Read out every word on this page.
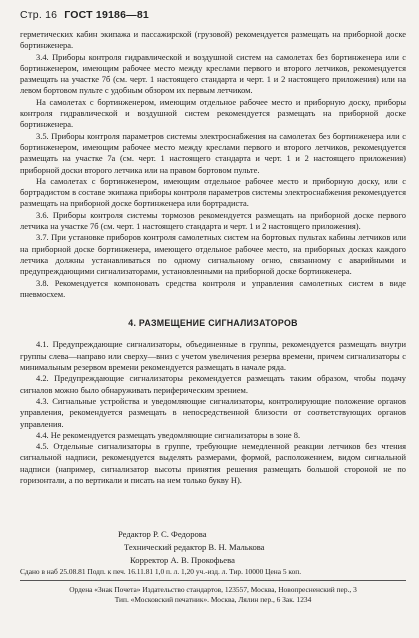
Стр. 16 ГОСТ 19186—81

герметических кабин экипажа и пассажирской (грузовой) рекомендуется размещать на приборной доске бортинженера.

3.4. Приборы контроля гидравлической и воздушной систем на самолетах без бортинженера или с бортинженером, имеющим рабочее место между креслами первого и второго летчиков, рекомендуется размещать на участке 7б (см. черт. 1 настоящего стандарта и черт. 1 и 2 настоящего приложения) или на левом бортовом пульте с удобным обзором их первым летчиком.

На самолетах с бортинженером, имеющим отдельное рабочее место и приборную доску, приборы контроля гидравлической и воздушной систем рекомендуется размещать на приборной доске бортинженера.

3.5. Приборы контроля параметров системы электроснабжения на самолетах без бортинженера или с бортинженером, имеющим рабочее место между креслами первого и второго летчиков, рекомендуется размещать на участке 7а (см. черт. 1 настоящего стандарта и черт. 1 и 2 настоящего приложения) приборной доски второго летчика или на правом бортовом пульте.

На самолетах с бортинженером, имеющим отдельное рабочее место и приборную доску, или с бортрадистом в составе экипажа приборы контроля параметров системы электроснабжения рекомендуется размещать на приборной доске бортинженера или бортрадиста.

3.6. Приборы контроля системы тормозов рекомендуется размещать на приборной доске первого летчика на участке 7б (см. черт. 1 настоящего стандарта и черт. 1 и 2 настоящего приложения).

3.7. При установке приборов контроля самолетных систем на бортовых пультах кабины летчиков или на приборной доске бортинженера, имеющего отдельное рабочее место, на приборных досках каждого летчика должны устанавливаться по одному сигнальному огню, связанному с аварийными и предупреждающими сигнализаторами, установленными на приборной доске бортинженера.

3.8. Рекомендуется компоновать средства контроля и управления самолетных систем в виде пневмосхем.

4. РАЗМЕЩЕНИЕ СИГНАЛИЗАТОРОВ

4.1. Предупреждающие сигнализаторы, объединенные в группы, рекомендуется размещать внутри группы слева—направо или сверху—вниз с учетом увеличения резерва времени, причем сигнализаторы с минимальным резервом времени рекомендуется размещать в начале ряда.

4.2. Предупреждающие сигнализаторы рекомендуется размещать таким образом, чтобы подачу сигналов можно было обнаруживать периферическим зрением.

4.3. Сигнальные устройства и уведомляющие сигнализаторы, контролирующие положение органов управления, рекомендуется размещать в непосредственной близости от соответствующих органов управления.

4.4. Не рекомендуется размещать уведомляющие сигнализаторы в зоне 8.

4.5. Отдельные сигнализаторы в группе, требующие немедленной реакции летчиков без чтения сигнальной надписи, рекомендуется выделять размерами, формой, расположением, видом сигнальной надписи (например, сигнализатор высоты принятия решения размещать большой стороной не по горизонтали, а по вертикали и писать на нем только букву Н).

Редактор Р. С. Федорова
Технический редактор В. Н. Малькова
Корректор А. В. Прокофьева
Сдано в наб 25.08.81 Подп. к печ. 16.11.81 1,0 п. л. 1,20 уч.-изд. л. Тир. 10000 Цена 5 коп.
Ордена «Знак Почета» Издательство стандартов, 123557, Москва, Новопресненский пер., 3
Тип. «Московский печатник». Москва, Лялин пер., 6 Зак. 1234
